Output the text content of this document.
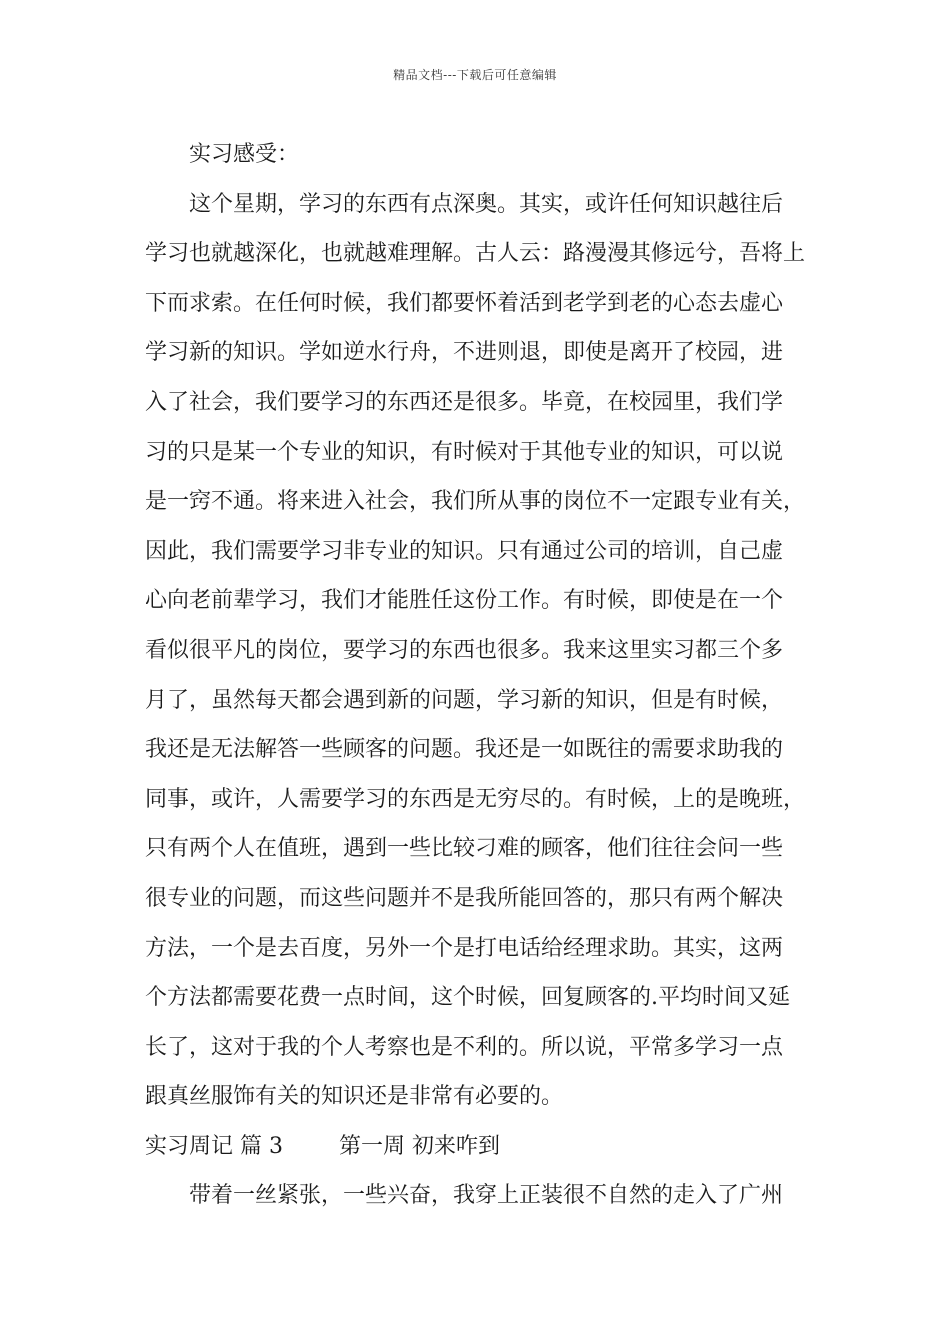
精品文档---下载后可任意编辑
实习感受：
这个星期，学习的东西有点深奥。其实，或许任何知识越往后
学习也就越深化，也就越难理解。古人云：路漫漫其修远兮，吾将上
下而求索。在任何时候，我们都要怀着活到老学到老的心态去虚心
学习新的知识。学如逆水行舟，不进则退，即使是离开了校园，进
入了社会，我们要学习的东西还是很多。毕竟，在校园里，我们学
习的只是某一个专业的知识，有时候对于其他专业的知识，可以说
是一窍不通。将来进入社会，我们所从事的岗位不一定跟专业有关，
因此，我们需要学习非专业的知识。只有通过公司的培训，自己虚
心向老前辈学习，我们才能胜任这份工作。有时候，即使是在一个
看似很平凡的岗位，要学习的东西也很多。我来这里实习都三个多
月了，虽然每天都会遇到新的问题，学习新的知识，但是有时候，
我还是无法解答一些顾客的问题。我还是一如既往的需要求助我的
同事，或许，人需要学习的东西是无穷尽的。有时候，上的是晚班，
只有两个人在值班，遇到一些比较刁难的顾客，他们往往会问一些
很专业的问题，而这些问题并不是我所能回答的，那只有两个解决
方法，一个是去百度，另外一个是打电话给经理求助。其实，这两
个方法都需要花费一点时间，这个时候，回复顾客的.平均时间又延
长了，这对于我的个人考察也是不利的。所以说，平常多学习一点
跟真丝服饰有关的知识还是非常有必要的。
实习周记 篇 3	第一周 初来咋到
带着一丝紧张，一些兴奋，我穿上正装很不自然的走入了广州
